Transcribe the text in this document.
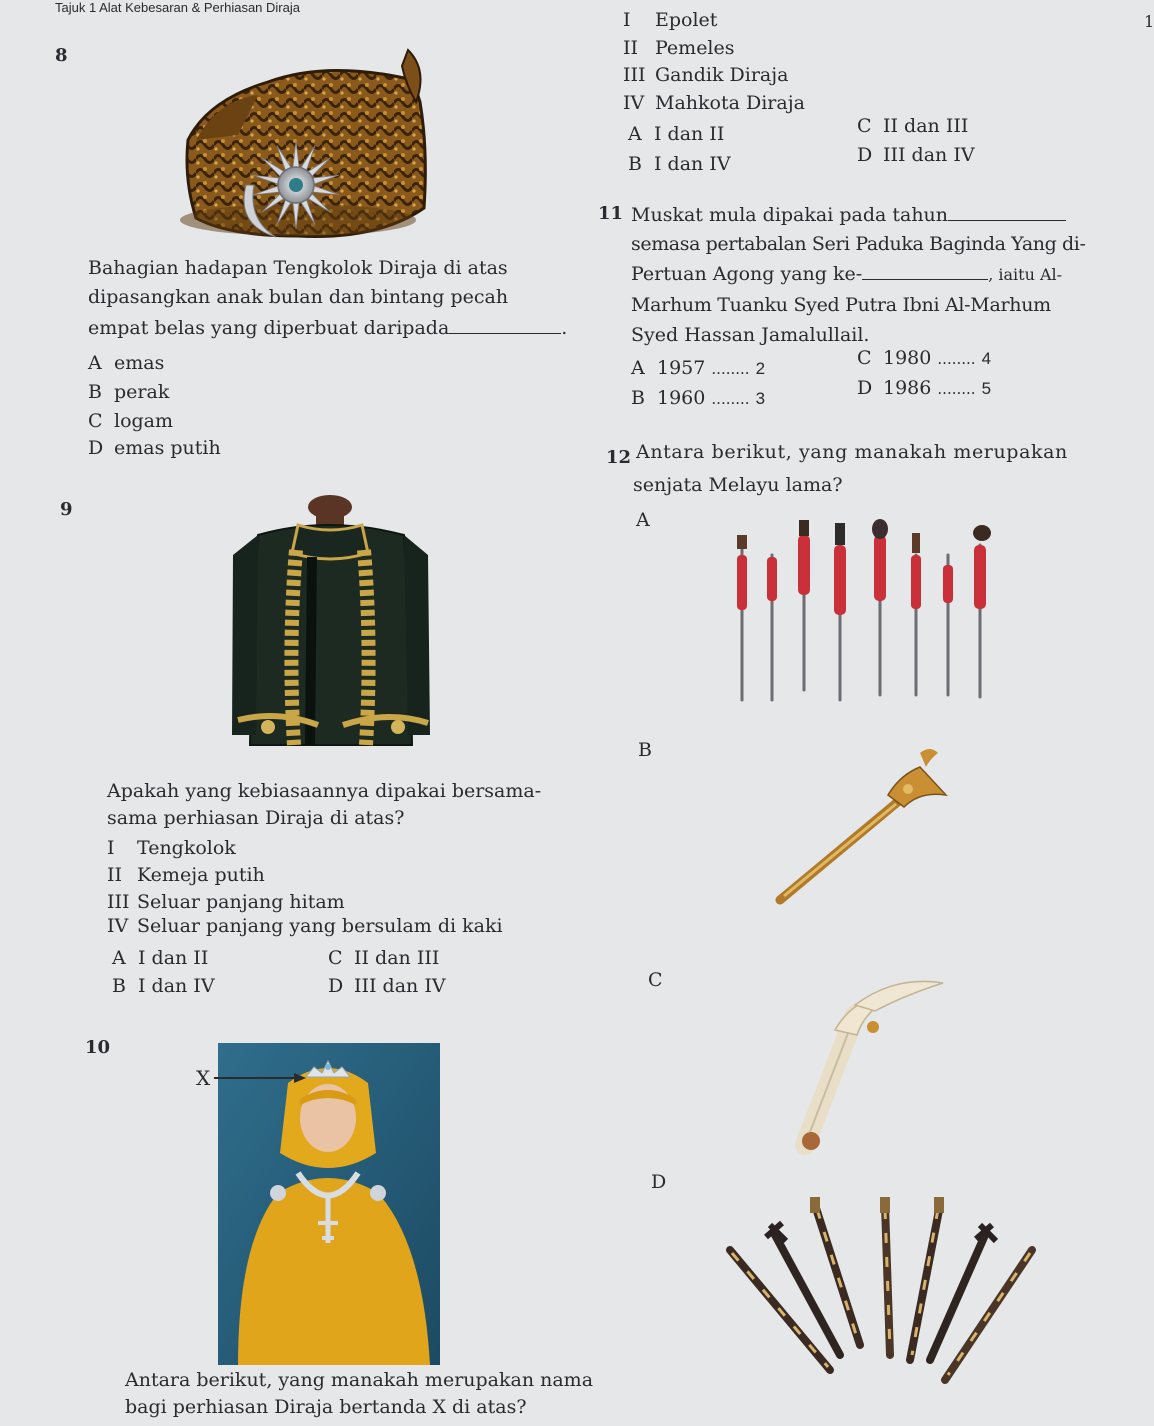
Tajuk 1 Alat Kebesaran & Perhiasan Diraja
1
8
Bahagian hadapan Tengkolok Diraja di atas
dipasangkan anak bulan dan bintang pecah
empat belas yang diperbuat daripada	.
A emas
B perak
C logam
D emas putih
9
Apakah yang kebiasaannya dipakai bersama-
sama perhiasan Diraja di atas?
I Tengkolok
II Kemeja putih
III Seluar panjang hitam
IV Seluar panjang yang bersulam di kaki
A I dan II
B I dan IV
C II dan III
D III dan IV
10
X
Antara berikut, yang manakah merupakan nama
bagi perhiasan Diraja bertanda X di atas?
I Epolet
II Pemeles
III Gandik Diraja
IV Mahkota Diraja
A I dan II
B I dan IV
C II dan III
D III dan IV
11 Muskat mula dipakai pada tahun
semasa pertabalan Seri Paduka Baginda Yang di-
Pertuan Agong yang ke-	, iaitu Al-
Marhum Tuanku Syed Putra Ibni Al-Marhum
Syed Hassan Jamalullail.
A 1957 ........ 2
B 1960 ........ 3
C 1980 ........ 4
D 1986 ........ 5
12 Antara berikut, yang manakah merupakan
senjata Melayu lama?
A
B
C
D
